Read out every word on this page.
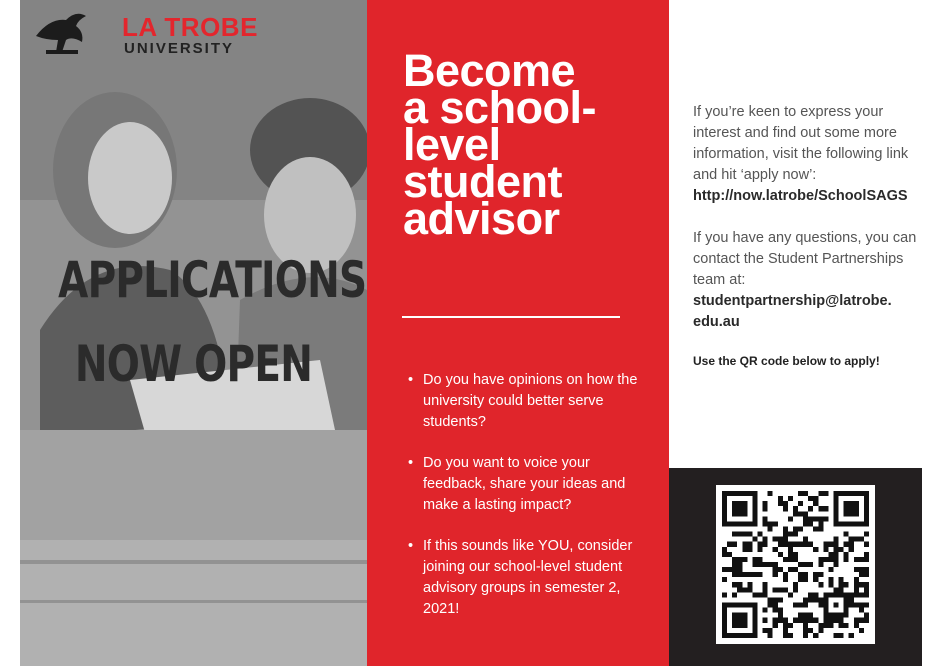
LA TROBE
UNIVERSITY
APPLICATIONS
NOW OPEN
Become
a school-
level
student
advisor
• Do you have opinions on how the university could better serve students?
• Do you want to voice your feedback, share your ideas and make a lasting impact?
• If this sounds like YOU, consider joining our school-level student advisory groups in semester 2, 2021!

If you’re keen to express your interest and find out some more information, visit the following link and hit ‘apply now’: http://now.latrobe/SchoolSAGS

If you have any questions, you can contact the Student Partnerships team at:
studentpartnership@latrobe.
edu.au

Use the QR code below to apply!
